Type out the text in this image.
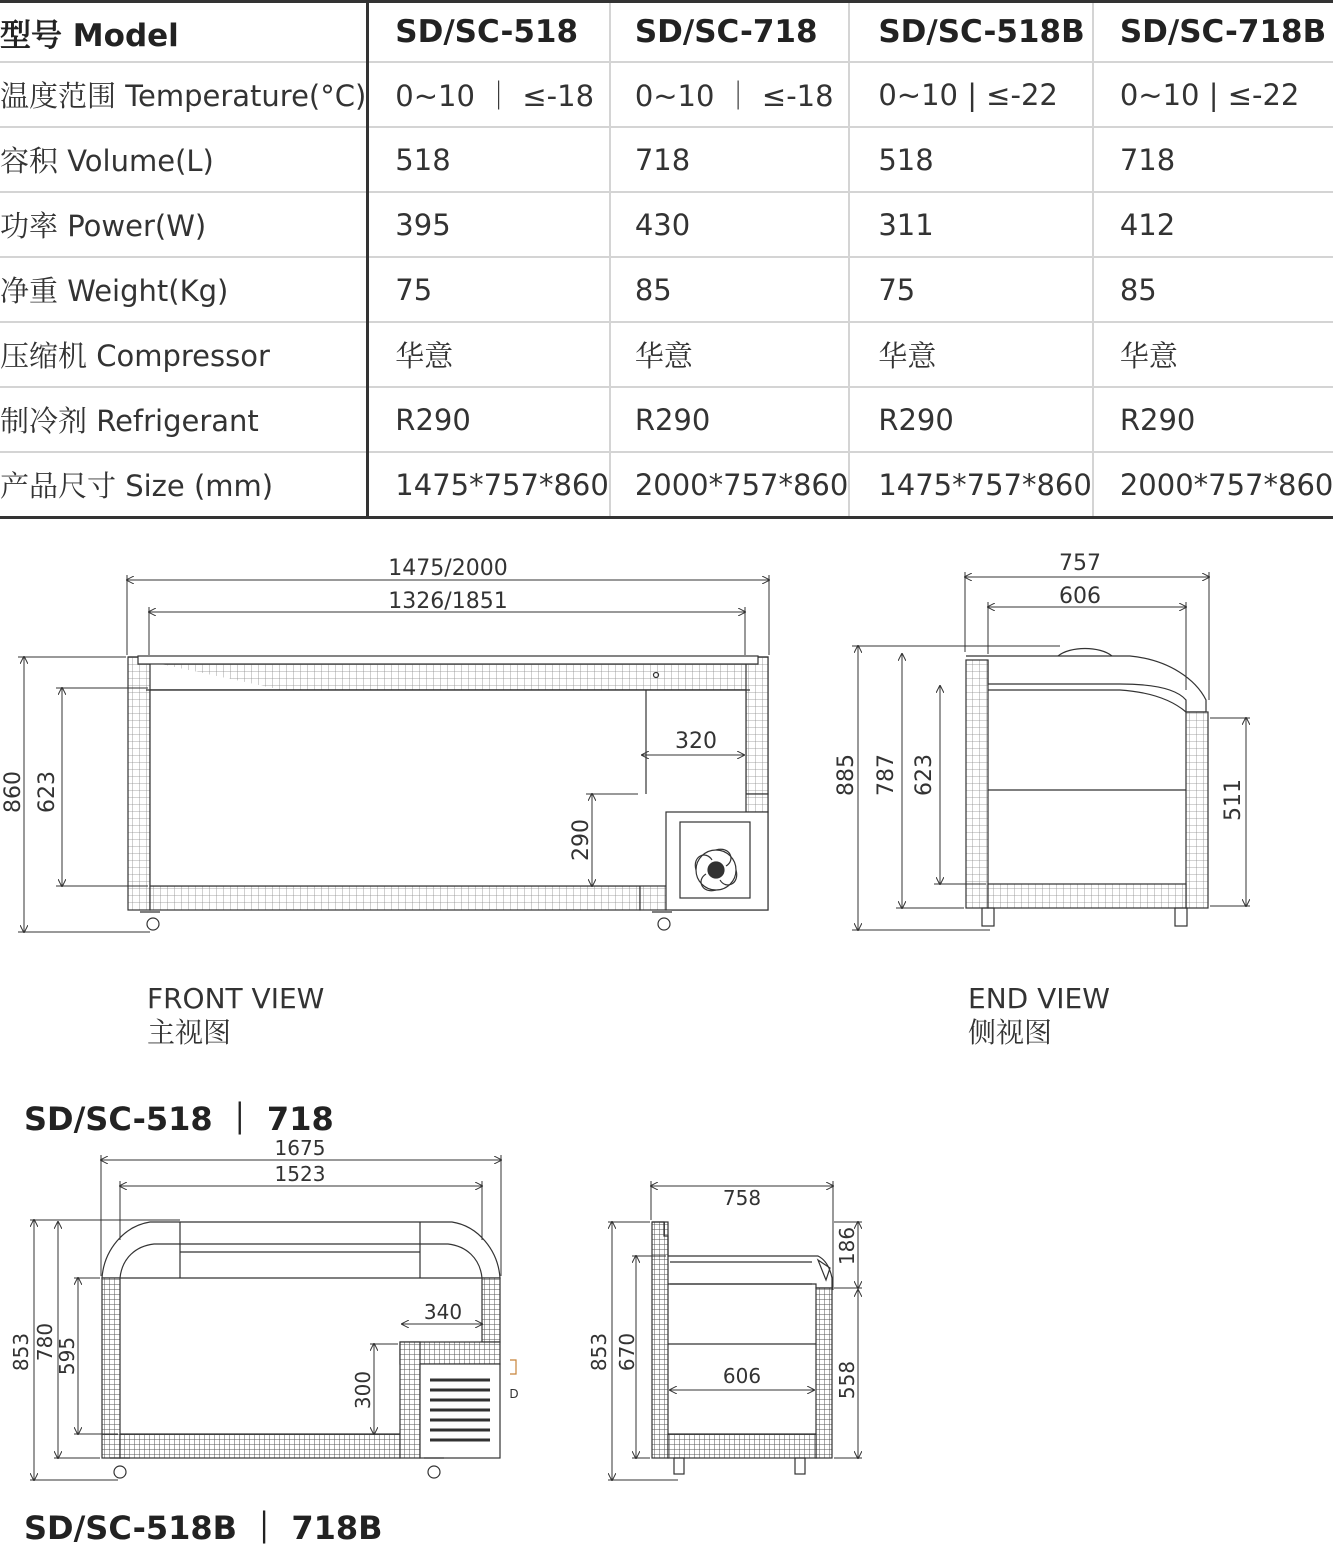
型号 Model	SD/SC-518	SD/SC-718	SD/SC-518B	SD/SC-718B
温度范围 Temperature(°C)	0~10 ｜ ≤-18	0~10 ｜ ≤-18	0~10 | ≤-22	0~10 | ≤-22
容积 Volume(L)	518	718	518	718
功率 Power(W)	395	430	311	412
净重 Weight(Kg)	75	85	75	85
压缩机 Compressor	华意	华意	华意	华意
制冷剂 Refrigerant	R290	R290	R290	R290
产品尺寸 Size (mm)	1475*757*860	2000*757*860	1475*757*860	2000*757*860
1475/2000
1326/1851
860 623
320
290
757
606
885 787 623
511
D
1675
1523
853 780
595
340
300
758
186
853 670
606	558
FRONT VIEW
主视图
END VIEW
侧视图
SD/SC-518 ｜ 718
SD/SC-518B ｜ 718B
